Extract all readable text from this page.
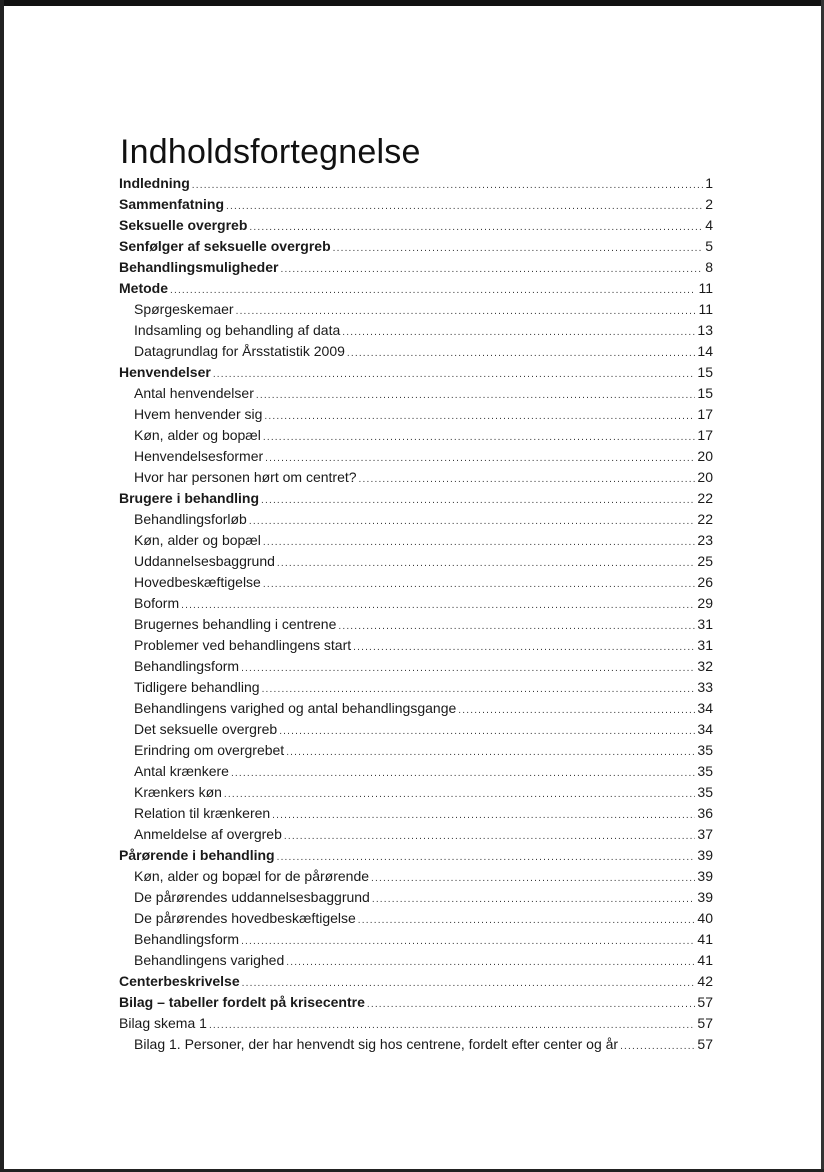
Indholdsfortegnelse
Indledning .....	1
Sammenfatning .....	2
Seksuelle overgreb .....	4
Senfølger af seksuelle overgreb .....	5
Behandlingsmuligheder .....	8
Metode .....	11
Spørgeskemaer .....	11
Indsamling og behandling af data .....	13
Datagrundlag for Årsstatistik 2009 .....	14
Henvendelser .....	15
Antal henvendelser .....	15
Hvem henvender sig .....	17
Køn, alder og bopæl .....	17
Henvendelsesformer .....	20
Hvor har personen hørt om centret? .....	20
Brugere i behandling .....	22
Behandlingsforløb .....	22
Køn, alder og bopæl .....	23
Uddannelsesbaggrund .....	25
Hovedbeskæftigelse .....	26
Boform .....	29
Brugernes behandling i centrene .....	31
Problemer ved behandlingens start .....	31
Behandlingsform .....	32
Tidligere behandling .....	33
Behandlingens varighed og antal behandlingsgange .....	34
Det seksuelle overgreb .....	34
Erindring om overgrebet .....	35
Antal krænkere .....	35
Krænkers køn .....	35
Relation til krænkeren .....	36
Anmeldelse af overgreb .....	37
Pårørende i behandling .....	39
Køn, alder og bopæl for de pårørende .....	39
De pårørendes uddannelsesbaggrund .....	39
De pårørendes hovedbeskæftigelse .....	40
Behandlingsform .....	41
Behandlingens varighed .....	41
Centerbeskrivelse .....	42
Bilag – tabeller fordelt på krisecentre .....	57
Bilag skema 1 .....	57
Bilag 1. Personer, der har henvendt sig hos centrene, fordelt efter center og år .....	57
